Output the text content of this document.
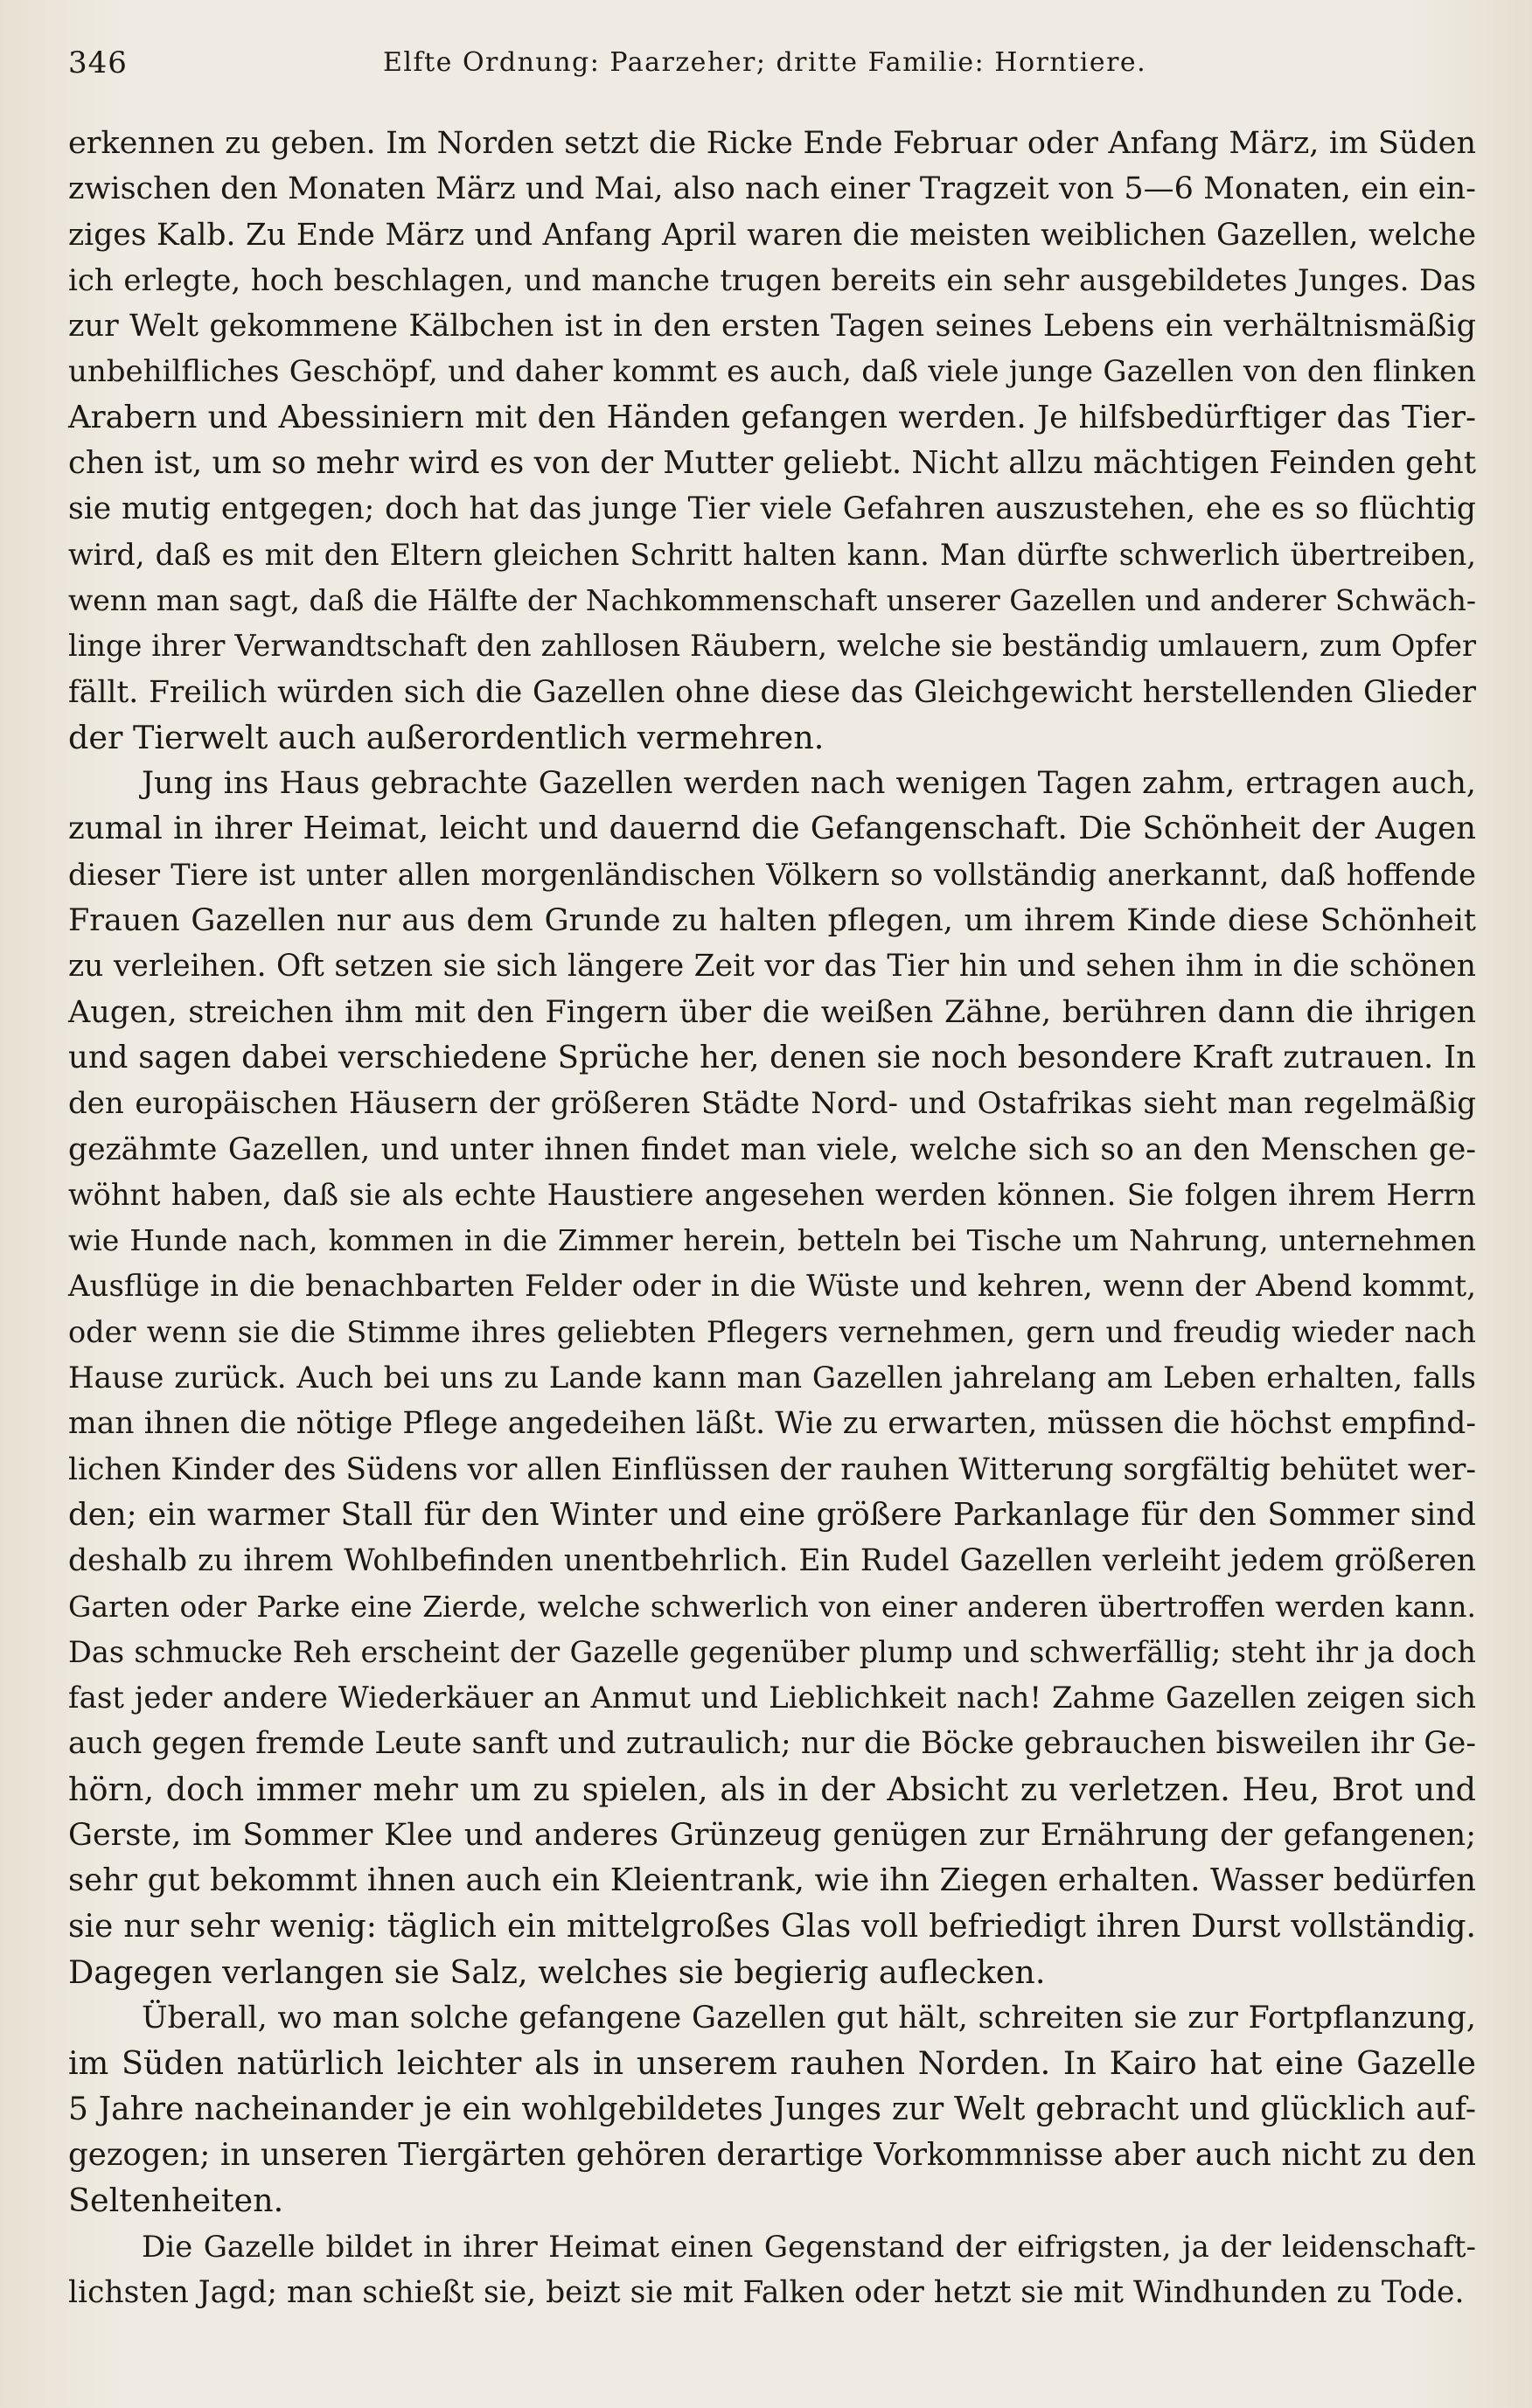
346	Elfte Ordnung: Paarzeher; dritte Familie: Horntiere.
erkennen zu geben. Im Norden setzt die Ricke Ende Februar oder Anfang März, im Süden
zwischen den Monaten März und Mai, also nach einer Tragzeit von 5—6 Monaten, ein ein-
ziges Kalb. Zu Ende März und Anfang April waren die meisten weiblichen Gazellen, welche
ich erlegte, hoch beschlagen, und manche trugen bereits ein sehr ausgebildetes Junges. Das
zur Welt gekommene Kälbchen ist in den ersten Tagen seines Lebens ein verhältnismäßig
unbehilfliches Geschöpf, und daher kommt es auch, daß viele junge Gazellen von den flinken
Arabern und Abessiniern mit den Händen gefangen werden. Je hilfsbedürftiger das Tier-
chen ist, um so mehr wird es von der Mutter geliebt. Nicht allzu mächtigen Feinden geht
sie mutig entgegen; doch hat das junge Tier viele Gefahren auszustehen, ehe es so flüchtig
wird, daß es mit den Eltern gleichen Schritt halten kann. Man dürfte schwerlich übertreiben,
wenn man sagt, daß die Hälfte der Nachkommenschaft unserer Gazellen und anderer Schwäch-
linge ihrer Verwandtschaft den zahllosen Räubern, welche sie beständig umlauern, zum Opfer
fällt. Freilich würden sich die Gazellen ohne diese das Gleichgewicht herstellenden Glieder
der Tierwelt auch außerordentlich vermehren.
Jung ins Haus gebrachte Gazellen werden nach wenigen Tagen zahm, ertragen auch,
zumal in ihrer Heimat, leicht und dauernd die Gefangenschaft. Die Schönheit der Augen
dieser Tiere ist unter allen morgenländischen Völkern so vollständig anerkannt, daß hoffende
Frauen Gazellen nur aus dem Grunde zu halten pflegen, um ihrem Kinde diese Schönheit
zu verleihen. Oft setzen sie sich längere Zeit vor das Tier hin und sehen ihm in die schönen
Augen, streichen ihm mit den Fingern über die weißen Zähne, berühren dann die ihrigen
und sagen dabei verschiedene Sprüche her, denen sie noch besondere Kraft zutrauen. In
den europäischen Häusern der größeren Städte Nord- und Ostafrikas sieht man regelmäßig
gezähmte Gazellen, und unter ihnen findet man viele, welche sich so an den Menschen ge-
wöhnt haben, daß sie als echte Haustiere angesehen werden können. Sie folgen ihrem Herrn
wie Hunde nach, kommen in die Zimmer herein, betteln bei Tische um Nahrung, unternehmen
Ausflüge in die benachbarten Felder oder in die Wüste und kehren, wenn der Abend kommt,
oder wenn sie die Stimme ihres geliebten Pflegers vernehmen, gern und freudig wieder nach
Hause zurück. Auch bei uns zu Lande kann man Gazellen jahrelang am Leben erhalten, falls
man ihnen die nötige Pflege angedeihen läßt. Wie zu erwarten, müssen die höchst empfind-
lichen Kinder des Südens vor allen Einflüssen der rauhen Witterung sorgfältig behütet wer-
den; ein warmer Stall für den Winter und eine größere Parkanlage für den Sommer sind
deshalb zu ihrem Wohlbefinden unentbehrlich. Ein Rudel Gazellen verleiht jedem größeren
Garten oder Parke eine Zierde, welche schwerlich von einer anderen übertroffen werden kann.
Das schmucke Reh erscheint der Gazelle gegenüber plump und schwerfällig; steht ihr ja doch
fast jeder andere Wiederkäuer an Anmut und Lieblichkeit nach! Zahme Gazellen zeigen sich
auch gegen fremde Leute sanft und zutraulich; nur die Böcke gebrauchen bisweilen ihr Ge-
hörn, doch immer mehr um zu spielen, als in der Absicht zu verletzen. Heu, Brot und
Gerste, im Sommer Klee und anderes Grünzeug genügen zur Ernährung der gefangenen;
sehr gut bekommt ihnen auch ein Kleientrank, wie ihn Ziegen erhalten. Wasser bedürfen
sie nur sehr wenig: täglich ein mittelgroßes Glas voll befriedigt ihren Durst vollständig.
Dagegen verlangen sie Salz, welches sie begierig auflecken.
Überall, wo man solche gefangene Gazellen gut hält, schreiten sie zur Fortpflanzung,
im Süden natürlich leichter als in unserem rauhen Norden. In Kairo hat eine Gazelle
5 Jahre nacheinander je ein wohlgebildetes Junges zur Welt gebracht und glücklich auf-
gezogen; in unseren Tiergärten gehören derartige Vorkommnisse aber auch nicht zu den
Seltenheiten.
Die Gazelle bildet in ihrer Heimat einen Gegenstand der eifrigsten, ja der leidenschaft-
lichsten Jagd; man schießt sie, beizt sie mit Falken oder hetzt sie mit Windhunden zu Tode.
